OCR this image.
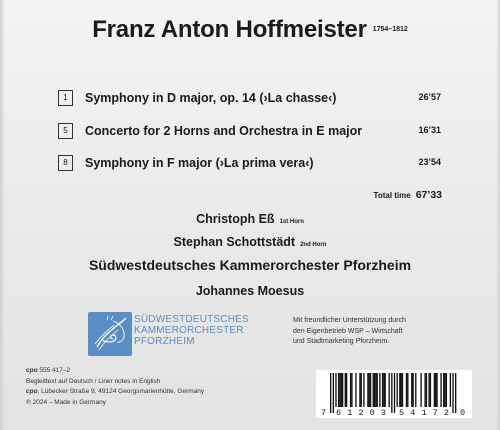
Franz Anton Hoffmeister $^{1754-1812}$
1	Symphony in D major, op. 14 (›La chasse‹)	26’57
5	Concerto for 2 Horns and Orchestra in E major	16’31
8	Symphony in F major (›La prima vera‹)	23’54
Total time 67’33
Christoph Eß 1st Horn
Stephan Schottstädt 2nd Horn
Südwestdeutsches Kammerorchester Pforzheim
Johannes Moesus
SÜDWESTDEUTSCHES
KAMMERORCHESTER
PFORZHEIM
Mit freundlicher Unterstützung durch
den Eigenbetrieb WSP – Wirtschaft
und Stadtmarketing Pforzheim.
cpo 555 417–2
Begleittext auf Deutsch / Liner notes in English
cpo, Lübecker Straße 9, 49124 Georgsmarienhütte, Germany
℗ 2024 – Made in Germany
7 61203 54172 0
